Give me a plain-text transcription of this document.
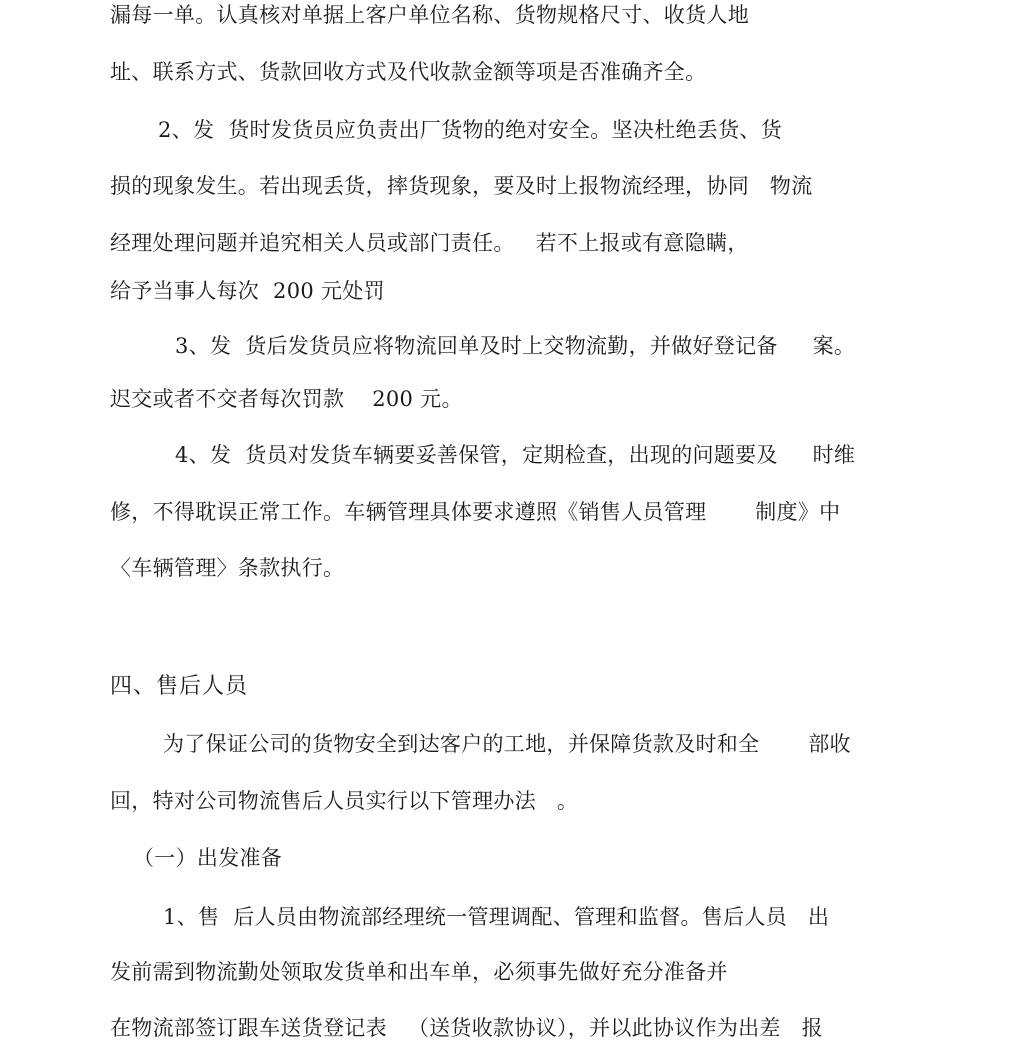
漏每一单。认真核对单据上客户单位名称、货物规格尺寸、收货人地
址、联系方式、货款回收方式及代收款金额等项是否准确齐全。
2、发  货时发货员应负责出厂货物的绝对安全。坚决杜绝丢货、货
损的现象发生。若出现丢货，摔货现象，要及时上报物流经理，协同   物流
经理处理问题并追究相关人员或部门责任。   若不上报或有意隐瞒，
给予当事人每次  200 元处罚
3、发  货后发货员应将物流回单及时上交物流勤，并做好登记备     案。
迟交或者不交者每次罚款    200 元。
4、发  货员对发货车辆要妥善保管，定期检查，出现的问题要及     时维
修，不得耽误正常工作。车辆管理具体要求遵照《销售人员管理       制度》中
〈车辆管理〉条款执行。
四、售后人员
为了保证公司的货物安全到达客户的工地，并保障货款及时和全       部收
回，特对公司物流售后人员实行以下管理办法   。
（一）出发准备
1、售  后人员由物流部经理统一管理调配、管理和监督。售后人员   出
发前需到物流勤处领取发货单和出车单，必须事先做好充分准备并
在物流部签订跟车送货登记表   （送货收款协议），并以此协议作为出差   报
